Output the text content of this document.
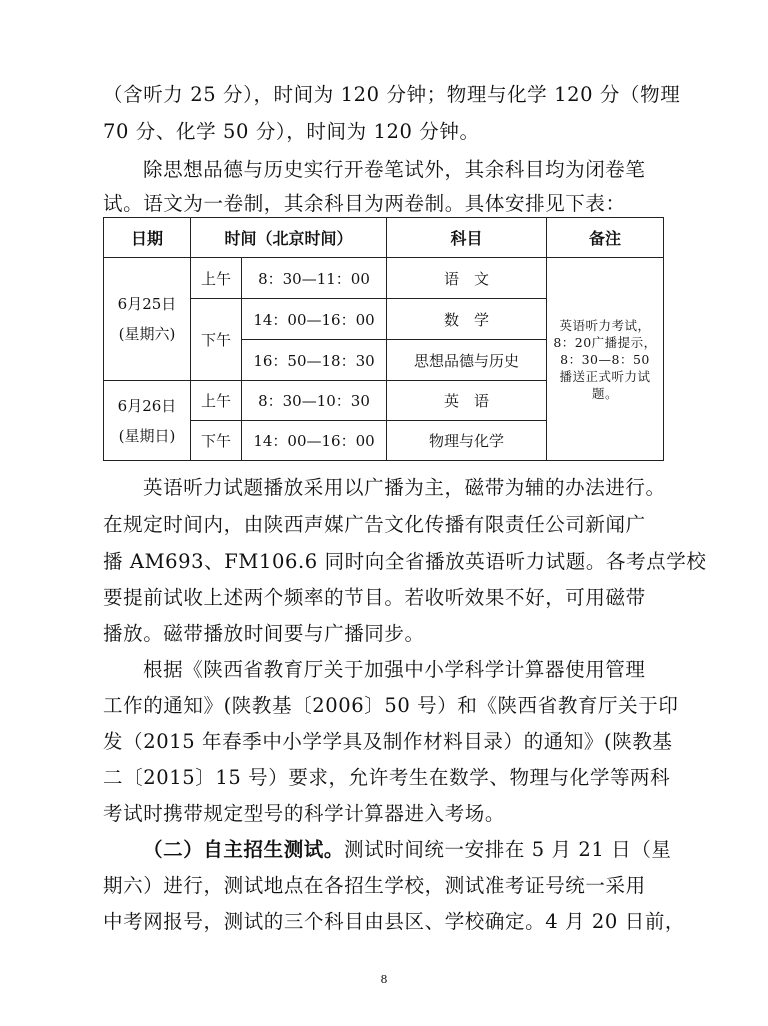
（含听力 25 分），时间为 120 分钟；物理与化学 120 分（物理
70 分、化学 50 分），时间为 120 分钟。
除思想品德与历史实行开卷笔试外，其余科目均为闭卷笔
试。语文为一卷制，其余科目为两卷制。具体安排见下表：
日期	时间（北京时间）		科目	备注

6月25日
(星期六)	上午	8：30—11：00	语　文	英语听力考试，8：20广播提示，8：30—8：50 播送正式听力试题。
	下午	14：00—16：00	数　学	
		16：50—18：30	思想品德与历史	

6月26日
(星期日)	上午	8：30—10：30	英　语	
	下午	14：00—16：00	物理与化学	
英语听力试题播放采用以广播为主，磁带为辅的办法进行。
在规定时间内，由陕西声媒广告文化传播有限责任公司新闻广
播 AM693、FM106.6 同时向全省播放英语听力试题。各考点学校
要提前试收上述两个频率的节目。若收听效果不好，可用磁带
播放。磁带播放时间要与广播同步。
根据《陕西省教育厅关于加强中小学科学计算器使用管理
工作的通知》(陕教基〔2006〕50 号）和《陕西省教育厅关于印
发（2015 年春季中小学学具及制作材料目录）的通知》(陕教基
二〔2015〕15 号）要求，允许考生在数学、物理与化学等两科
考试时携带规定型号的科学计算器进入考场。
（二）自主招生测试。测试时间统一安排在 5 月 21 日（星
期六）进行，测试地点在各招生学校，测试准考证号统一采用
中考网报号，测试的三个科目由县区、学校确定。4 月 20 日前，
8
